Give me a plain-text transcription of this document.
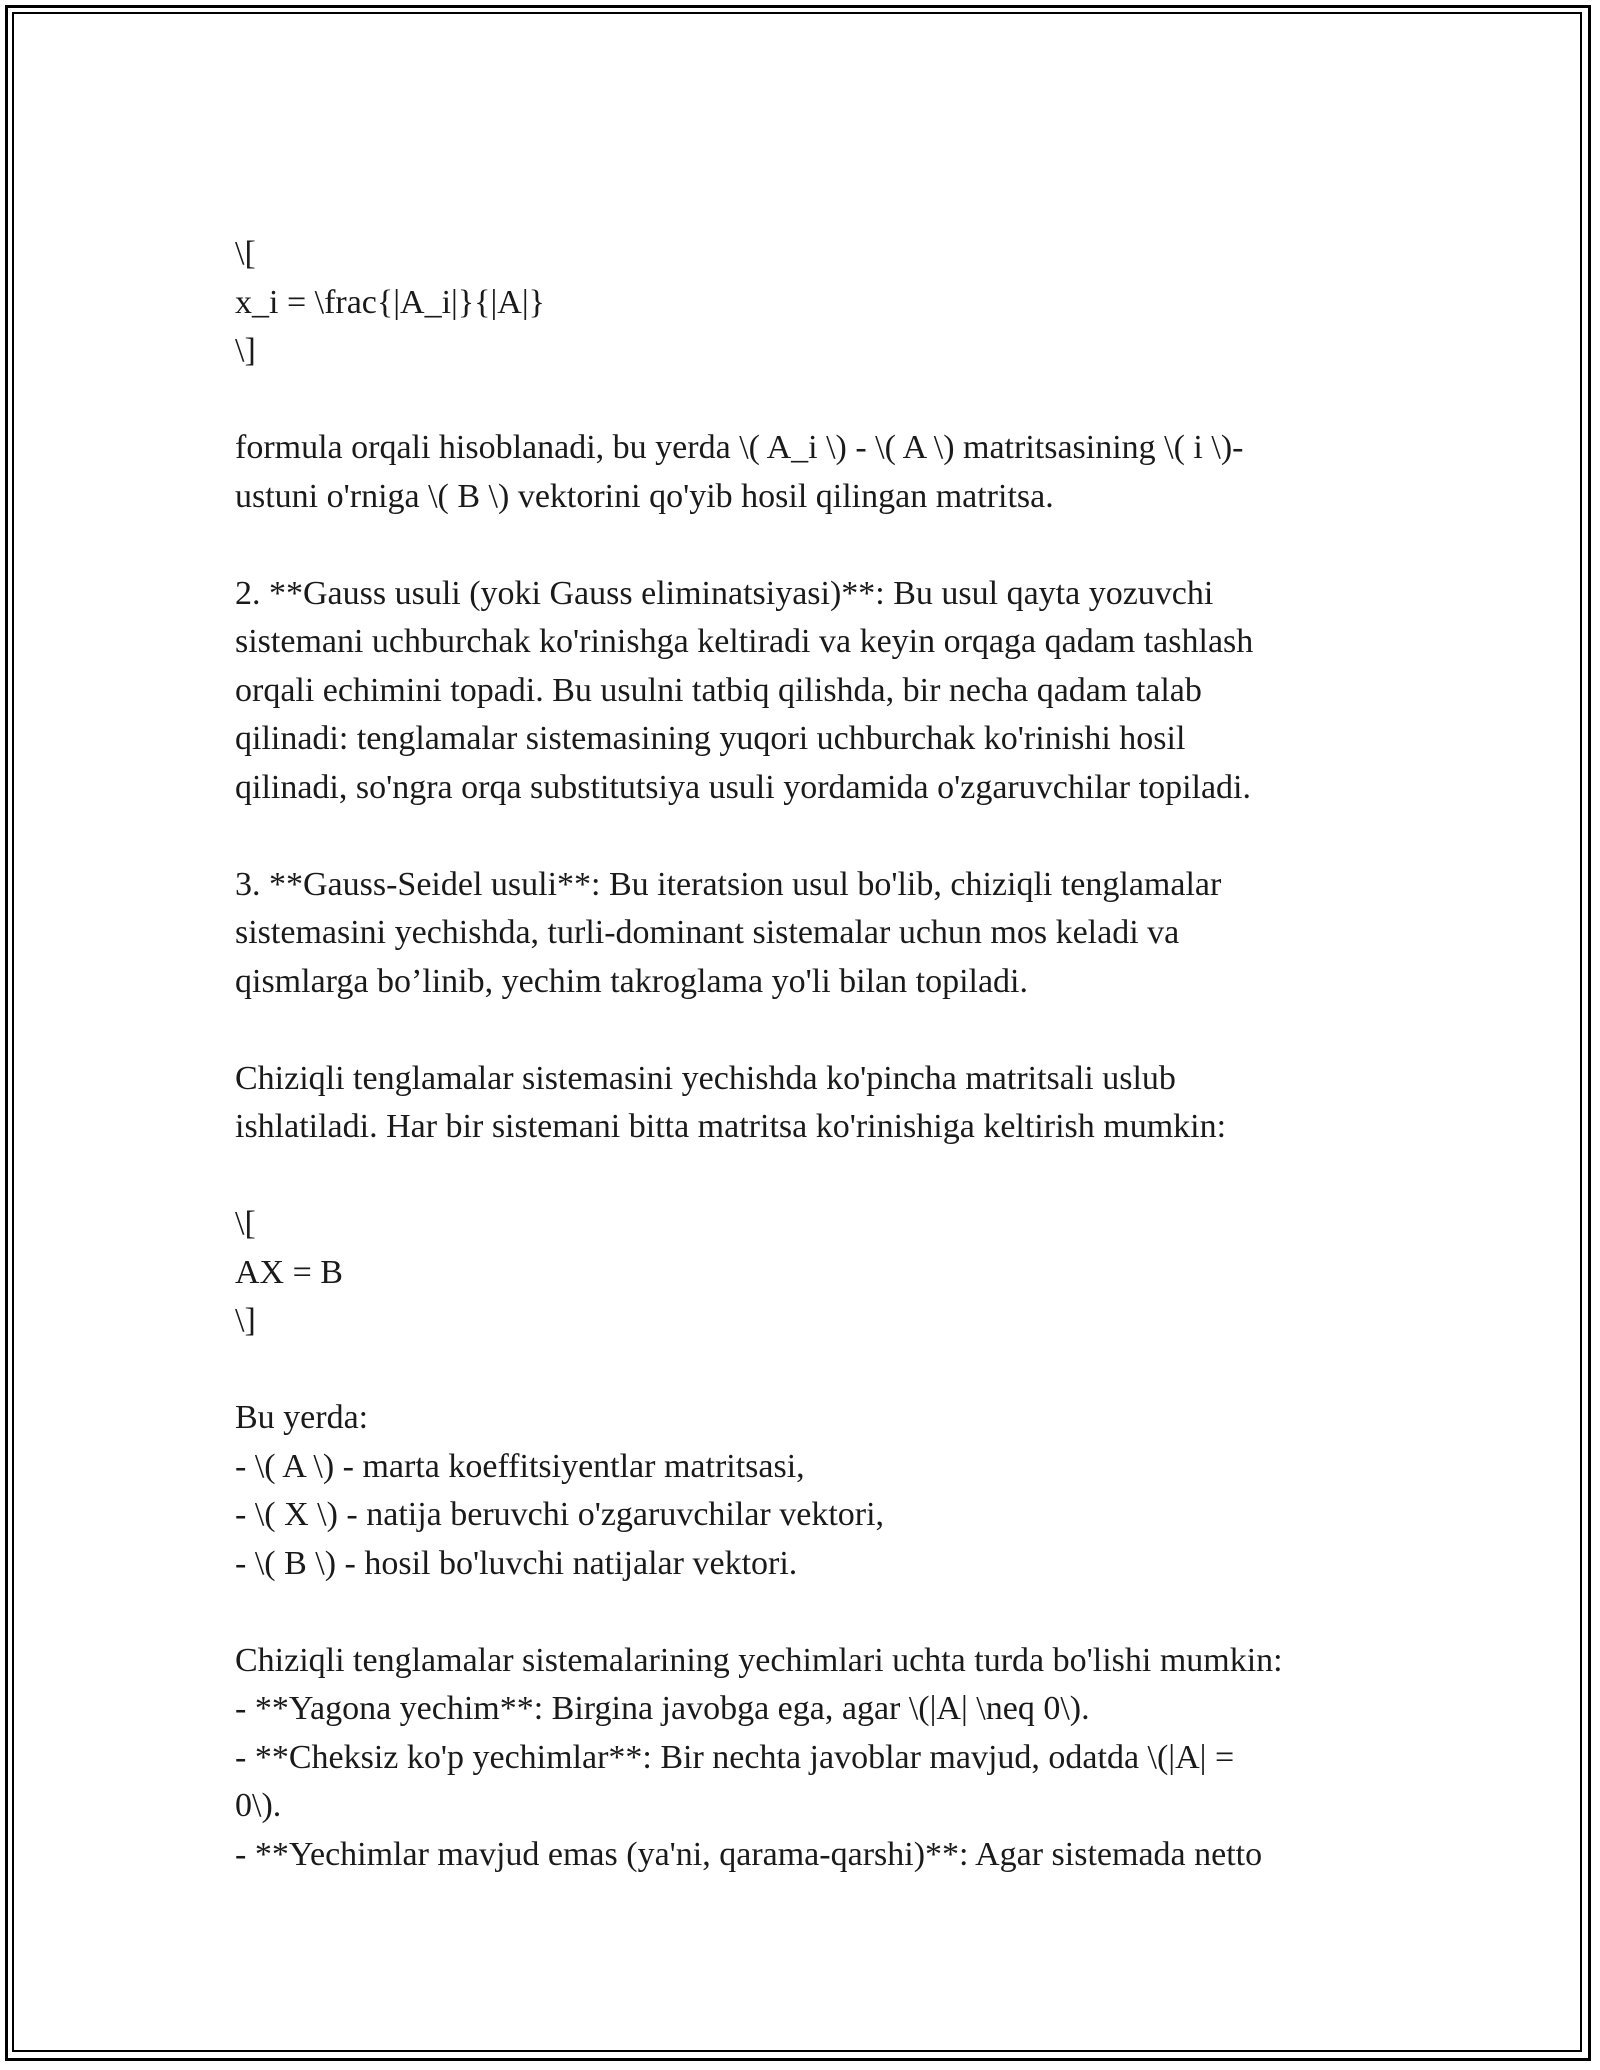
\[
x_i = \frac{|A_i|}{|A|}
\]
formula orqali hisoblanadi, bu yerda \( A_i \) - \( A \) matritsasining \( i \)-
ustuni o'rniga \( B \) vektorini qo'yib hosil qilingan matritsa.
2. **Gauss usuli (yoki Gauss eliminatsiyasi)**: Bu usul qayta yozuvchi
sistemani uchburchak ko'rinishga keltiradi va keyin orqaga qadam tashlash
orqali echimini topadi. Bu usulni tatbiq qilishda, bir necha qadam talab
qilinadi: tenglamalar sistemasining yuqori uchburchak ko'rinishi hosil
qilinadi, so'ngra orqa substitutsiya usuli yordamida o'zgaruvchilar topiladi.
3. **Gauss-Seidel usuli**: Bu iteratsion usul bo'lib, chiziqli tenglamalar
sistemasini yechishda, turli-dominant sistemalar uchun mos keladi va
qismlarga bo’linib, yechim takroglama yo'li bilan topiladi.
Chiziqli tenglamalar sistemasini yechishda ko'pincha matritsali uslub
ishlatiladi. Har bir sistemani bitta matritsa ko'rinishiga keltirish mumkin:
\[
AX = B
\]
Bu yerda:
- \( A \) - marta koeffitsiyentlar matritsasi,
- \( X \) - natija beruvchi o'zgaruvchilar vektori,
- \( B \) - hosil bo'luvchi natijalar vektori.
Chiziqli tenglamalar sistemalarining yechimlari uchta turda bo'lishi mumkin:
- **Yagona yechim**: Birgina javobga ega, agar \(|A| \neq 0\).
- **Cheksiz ko'p yechimlar**: Bir nechta javoblar mavjud, odatda \(|A| =
0\).
- **Yechimlar mavjud emas (ya'ni, qarama-qarshi)**: Agar sistemada netto
